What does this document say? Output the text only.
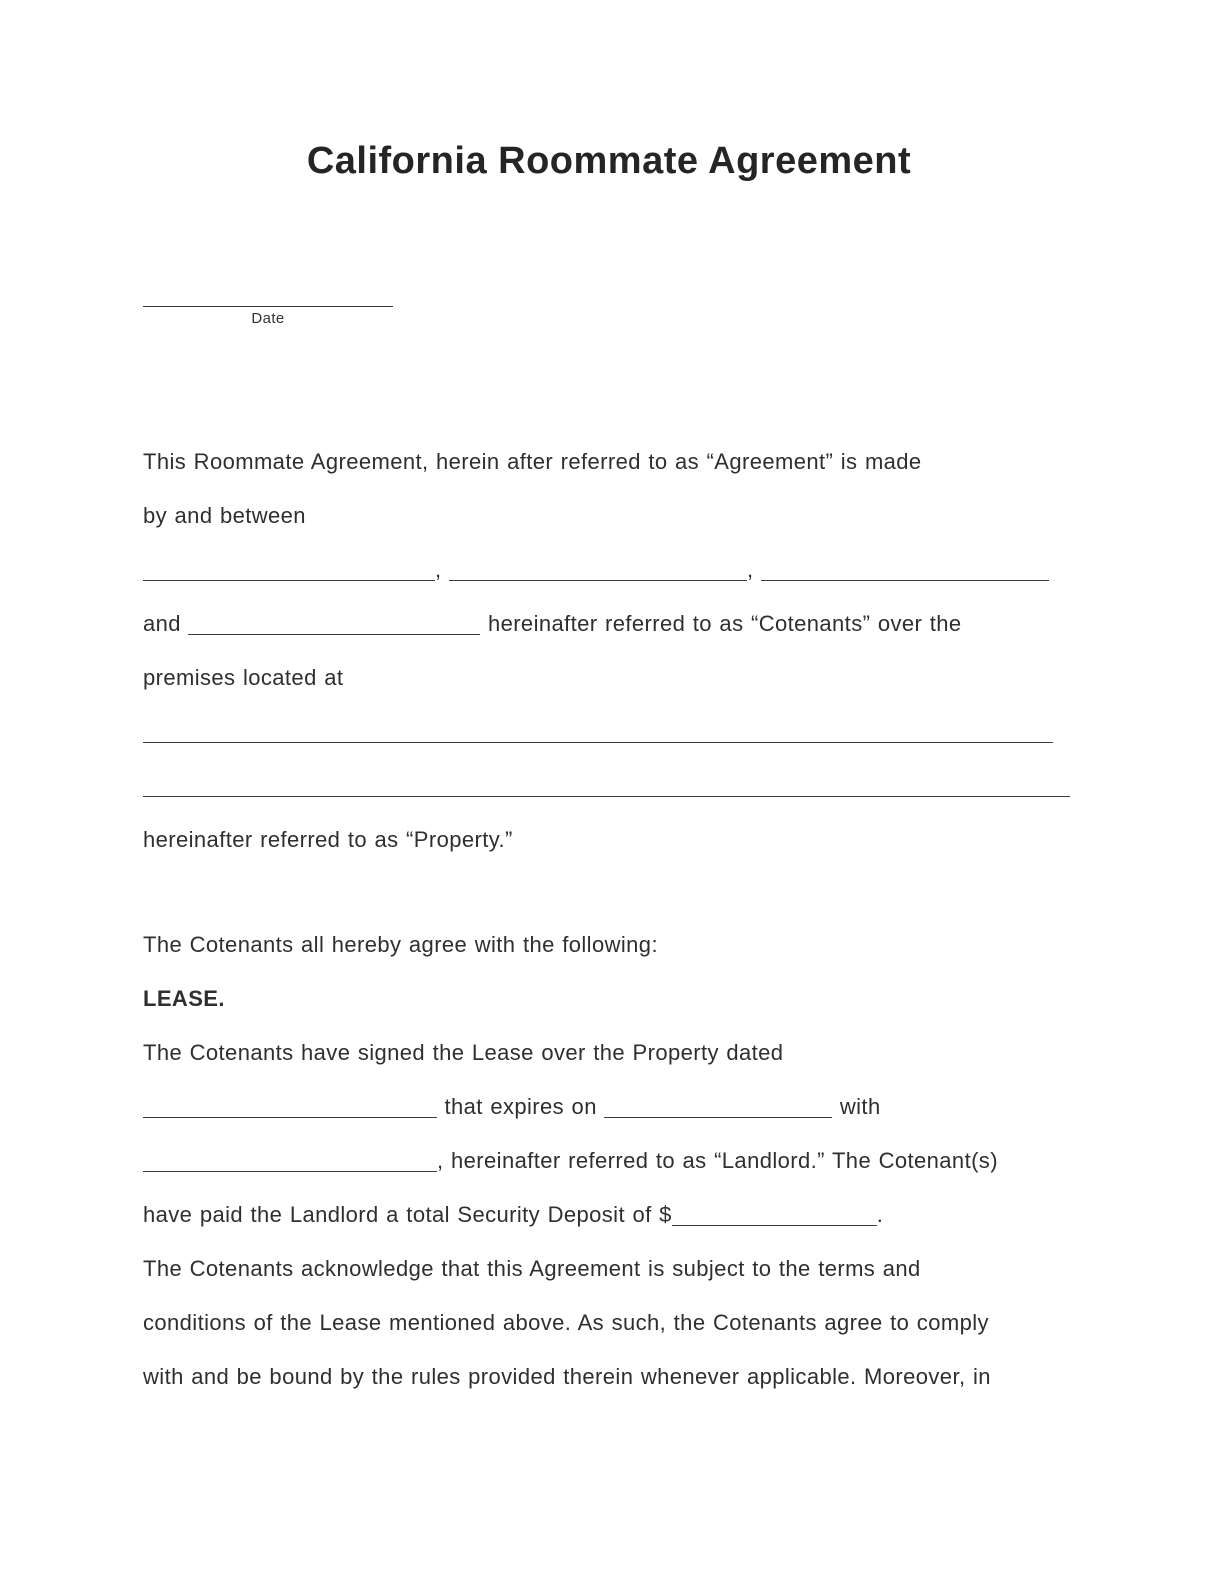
California Roommate Agreement
Date
This Roommate Agreement, herein after referred to as “Agreement” is made
by and between
,	,
and	hereinafter referred to as “Cotenants” over the
premises located at
hereinafter referred to as “Property.”
The Cotenants all hereby agree with the following:
LEASE.
The Cotenants have signed the Lease over the Property dated
that expires on	with
, hereinafter referred to as “Landlord.” The Cotenant(s)
have paid the Landlord a total Security Deposit of $	.
The Cotenants acknowledge that this Agreement is subject to the terms and
conditions of the Lease mentioned above. As such, the Cotenants agree to comply
with and be bound by the rules provided therein whenever applicable. Moreover, in
